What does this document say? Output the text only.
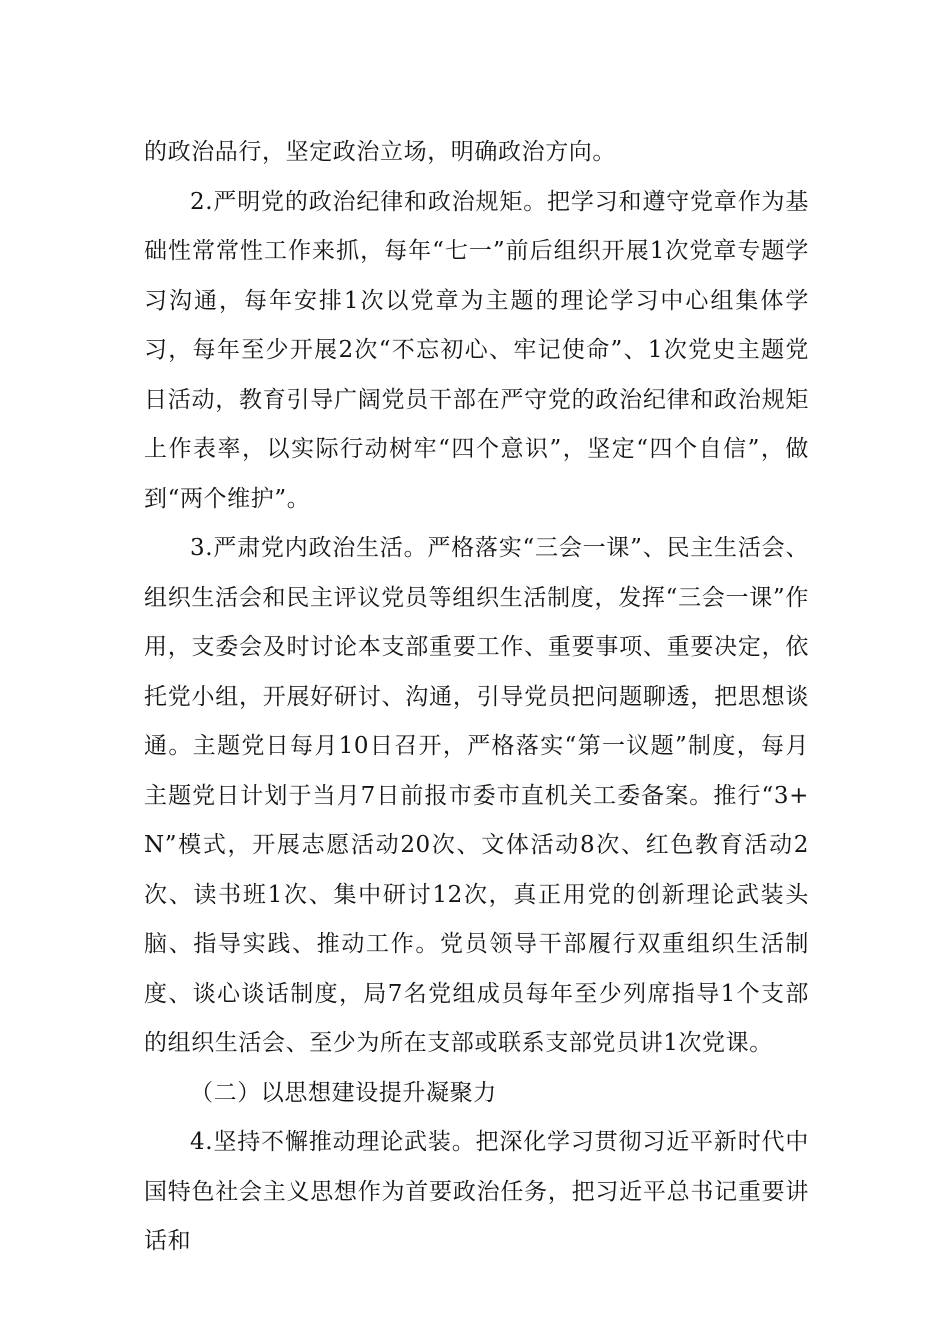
的政治品行，坚定政治立场，明确政治方向。

2.严明党的政治纪律和政治规矩。把学习和遵守党章作为基础性常常性工作来抓，每年“七一”前后组织开展1次党章专题学习沟通，每年安排1次以党章为主题的理论学习中心组集体学习，每年至少开展2次“不忘初心、牢记使命”、1次党史主题党日活动，教育引导广阔党员干部在严守党的政治纪律和政治规矩上作表率，以实际行动树牢“四个意识”，坚定“四个自信”，做到“两个维护”。

3.严肃党内政治生活。严格落实“三会一课”、民主生活会、组织生活会和民主评议党员等组织生活制度，发挥“三会一课”作用，支委会及时讨论本支部重要工作、重要事项、重要决定，依托党小组，开展好研讨、沟通，引导党员把问题聊透，把思想谈通。主题党日每月10日召开，严格落实“第一议题”制度，每月主题党日计划于当月7日前报市委市直机关工委备案。推行“3+N”模式，开展志愿活动20次、文体活动8次、红色教育活动2次、读书班1次、集中研讨12次，真正用党的创新理论武装头脑、指导实践、推动工作。党员领导干部履行双重组织生活制度、谈心谈话制度，局7名党组成员每年至少列席指导1个支部的组织生活会、至少为所在支部或联系支部党员讲1次党课。

（二）以思想建设提升凝聚力

4.坚持不懈推动理论武装。把深化学习贯彻习近平新时代中国特色社会主义思想作为首要政治任务，把习近平总书记重要讲话和
